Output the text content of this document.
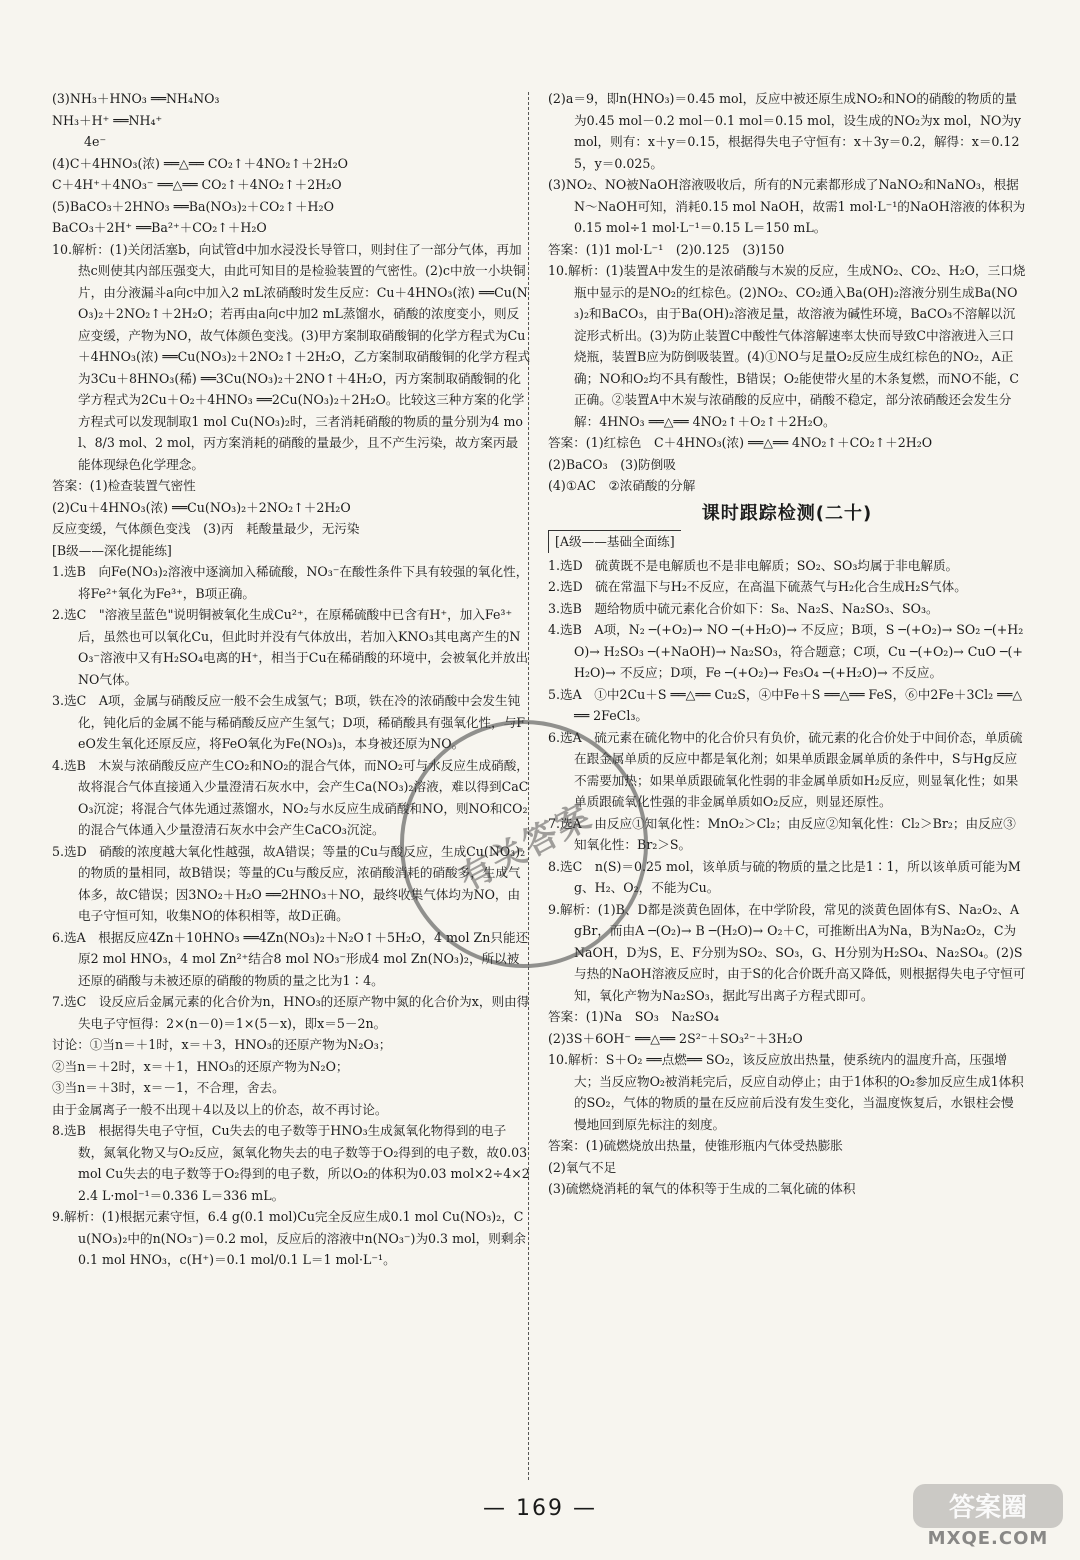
(3)NH₃＋HNO₃ ══NH₄NO₃

NH₃＋H⁺ ══NH₄⁺

4e⁻

(4)C＋4HNO₃(浓) ══△══ CO₂↑＋4NO₂↑＋2H₂O

C＋4H⁺＋4NO₃⁻ ══△══ CO₂↑＋4NO₂↑＋2H₂O

(5)BaCO₃＋2HNO₃ ══Ba(NO₃)₂＋CO₂↑＋H₂O

BaCO₃＋2H⁺ ══Ba²⁺＋CO₂↑＋H₂O

10.解析：(1)关闭活塞b，向试管d中加水浸没长导管口，则封住了一部分气体，再加热c则使其内部压强变大，由此可知目的是检验装置的气密性。(2)c中放一小块铜片，由分液漏斗a向c中加入2 mL浓硝酸时发生反应：Cu＋4HNO₃(浓) ══Cu(NO₃)₂＋2NO₂↑＋2H₂O；若再由a向c中加2 mL蒸馏水，硝酸的浓度变小，则反应变缓，产物为NO，故气体颜色变浅。(3)甲方案制取硝酸铜的化学方程式为Cu＋4HNO₃(浓) ══Cu(NO₃)₂＋2NO₂↑＋2H₂O，乙方案制取硝酸铜的化学方程式为3Cu＋8HNO₃(稀) ══3Cu(NO₃)₂＋2NO↑＋4H₂O，丙方案制取硝酸铜的化学方程式为2Cu＋O₂＋4HNO₃ ══2Cu(NO₃)₂＋2H₂O。比较这三种方案的化学方程式可以发现制取1 mol Cu(NO₃)₂时，三者消耗硝酸的物质的量分别为4 mol、8/3 mol、2 mol，丙方案消耗的硝酸的量最少，且不产生污染，故方案丙最能体现绿色化学理念。

答案：(1)检查装置气密性

(2)Cu＋4HNO₃(浓) ══Cu(NO₃)₂＋2NO₂↑＋2H₂O

反应变缓，气体颜色变浅　(3)丙　耗酸量最少，无污染

[B级——深化提能练]

1.选B　向Fe(NO₃)₂溶液中逐滴加入稀硫酸，NO₃⁻在酸性条件下具有较强的氧化性，将Fe²⁺氧化为Fe³⁺，B项正确。

2.选C　"溶液呈蓝色"说明铜被氧化生成Cu²⁺，在原稀硫酸中已含有H⁺，加入Fe³⁺后，虽然也可以氧化Cu，但此时并没有气体放出，若加入KNO₃其电离产生的NO₃⁻溶液中又有H₂SO₄电离的H⁺，相当于Cu在稀硝酸的环境中，会被氧化并放出NO气体。

3.选C　A项，金属与硝酸反应一般不会生成氢气；B项，铁在冷的浓硝酸中会发生钝化，钝化后的金属不能与稀硝酸反应产生氢气；D项，稀硝酸具有强氧化性，与FeO发生氧化还原反应，将FeO氧化为Fe(NO₃)₃，本身被还原为NO。

4.选B　木炭与浓硝酸反应产生CO₂和NO₂的混合气体，而NO₂可与水反应生成硝酸，故将混合气体直接通入少量澄清石灰水中，会产生Ca(NO₃)₂溶液，难以得到CaCO₃沉淀；将混合气体先通过蒸馏水，NO₂与水反应生成硝酸和NO，则NO和CO₂的混合气体通入少量澄清石灰水中会产生CaCO₃沉淀。

5.选D　硝酸的浓度越大氧化性越强，故A错误；等量的Cu与酸反应，生成Cu(NO₃)₂的物质的量相同，故B错误；等量的Cu与酸反应，浓硝酸消耗的硝酸多，生成气体多，故C错误；因3NO₂＋H₂O ══2HNO₃＋NO，最终收集气体均为NO，由电子守恒可知，收集NO的体积相等，故D正确。

6.选A　根据反应4Zn＋10HNO₃ ══4Zn(NO₃)₂＋N₂O↑＋5H₂O，4 mol Zn只能还原2 mol HNO₃，4 mol Zn²⁺结合8 mol NO₃⁻形成4 mol Zn(NO₃)₂，所以被还原的硝酸与未被还原的硝酸的物质的量之比为1∶4。

7.选C　设反应后金属元素的化合价为n，HNO₃的还原产物中氮的化合价为x，则由得失电子守恒得：2×(n－0)＝1×(5－x)，即x＝5－2n。

讨论：①当n＝＋1时，x＝＋3，HNO₃的还原产物为N₂O₃；

②当n＝＋2时，x＝＋1，HNO₃的还原产物为N₂O；

③当n＝＋3时，x＝－1，不合理，舍去。

由于金属离子一般不出现＋4以及以上的价态，故不再讨论。

8.选B　根据得失电子守恒，Cu失去的电子数等于HNO₃生成氮氧化物得到的电子数，氮氧化物又与O₂反应，氮氧化物失去的电子数等于O₂得到的电子数，故0.03 mol Cu失去的电子数等于O₂得到的电子数，所以O₂的体积为0.03 mol×2÷4×22.4 L·mol⁻¹＝0.336 L＝336 mL。

9.解析：(1)根据元素守恒，6.4 g(0.1 mol)Cu完全反应生成0.1 mol Cu(NO₃)₂，Cu(NO₃)₂中的n(NO₃⁻)＝0.2 mol，反应后的溶液中n(NO₃⁻)为0.3 mol，则剩余0.1 mol HNO₃，c(H⁺)＝0.1 mol/0.1 L＝1 mol·L⁻¹。

(2)a＝9，即n(HNO₃)＝0.45 mol，反应中被还原生成NO₂和NO的硝酸的物质的量为0.45 mol－0.2 mol－0.1 mol＝0.15 mol，设生成的NO₂为x mol，NO为y mol，则有：x＋y＝0.15，根据得失电子守恒有：x＋3y＝0.2，解得：x＝0.125，y＝0.025。

(3)NO₂、NO被NaOH溶液吸收后，所有的N元素都形成了NaNO₂和NaNO₃，根据N～NaOH可知，消耗0.15 mol NaOH，故需1 mol·L⁻¹的NaOH溶液的体积为0.15 mol÷1 mol·L⁻¹＝0.15 L＝150 mL。

答案：(1)1 mol·L⁻¹　(2)0.125　(3)150

10.解析：(1)装置A中发生的是浓硝酸与木炭的反应，生成NO₂、CO₂、H₂O，三口烧瓶中显示的是NO₂的红棕色。(2)NO₂、CO₂通入Ba(OH)₂溶液分别生成Ba(NO₃)₂和BaCO₃，由于Ba(OH)₂溶液足量，故溶液为碱性环境，BaCO₃不溶解以沉淀形式析出。(3)为防止装置C中酸性气体溶解速率太快而导致C中溶液进入三口烧瓶，装置B应为防倒吸装置。(4)①NO与足量O₂反应生成红棕色的NO₂，A正确；NO和O₂均不具有酸性，B错误；O₂能使带火星的木条复燃，而NO不能，C正确。②装置A中木炭与浓硝酸的反应中，硝酸不稳定，部分浓硝酸还会发生分解：4HNO₃ ══△══ 4NO₂↑＋O₂↑＋2H₂O。

答案：(1)红棕色　C＋4HNO₃(浓) ══△══ 4NO₂↑＋CO₂↑＋2H₂O

(2)BaCO₃　(3)防倒吸

(4)①AC　②浓硝酸的分解

课时跟踪检测(二十)
[A级——基础全面练]

1.选D　硫黄既不是电解质也不是非电解质；SO₂、SO₃均属于非电解质。

2.选D　硫在常温下与H₂不反应，在高温下硫蒸气与H₂化合生成H₂S气体。

3.选B　题给物质中硫元素化合价如下：S₈、Na₂S、Na₂SO₃、SO₃。

4.选B　A项，N₂ ─(+O₂)→ NO ─(+H₂O)→ 不反应；B项，S ─(+O₂)→ SO₂ ─(+H₂O)→ H₂SO₃ ─(+NaOH)→ Na₂SO₃，符合题意；C项，Cu ─(+O₂)→ CuO ─(+H₂O)→ 不反应；D项，Fe ─(+O₂)→ Fe₃O₄ ─(+H₂O)→ 不反应。

5.选A　①中2Cu＋S ══△══ Cu₂S，④中Fe＋S ══△══ FeS，⑥中2Fe＋3Cl₂ ══△══ 2FeCl₃。

6.选A　硫元素在硫化物中的化合价只有负价，硫元素的化合价处于中间价态，单质硫在跟金属单质的反应中都是氧化剂；如果单质跟金属单质的条件中，S与Hg反应不需要加热；如果单质跟硫氧化性弱的非金属单质如H₂反应，则显氧化性；如果单质跟硫氧化性强的非金属单质如O₂反应，则显还原性。

7.选A　由反应①知氧化性：MnO₂＞Cl₂；由反应②知氧化性：Cl₂＞Br₂；由反应③知氧化性：Br₂＞S。

8.选C　n(S)＝0.25 mol，该单质与硫的物质的量之比是1∶1，所以该单质可能为Mg、H₂、O₂，不能为Cu。

9.解析：(1)B、D都是淡黄色固体，在中学阶段，常见的淡黄色固体有S、Na₂O₂、AgBr，而由A ─(O₂)→ B ─(H₂O)→ O₂＋C，可推断出A为Na，B为Na₂O₂，C为NaOH，D为S，E、F分别为SO₂、SO₃，G、H分别为H₂SO₄、Na₂SO₄。(2)S与热的NaOH溶液反应时，由于S的化合价既升高又降低，则根据得失电子守恒可知，氧化产物为Na₂SO₃，据此写出离子方程式即可。

答案：(1)Na　SO₃　Na₂SO₄

(2)3S＋6OH⁻ ══△══ 2S²⁻＋SO₃²⁻＋3H₂O

10.解析：S＋O₂ ══点燃══ SO₂，该反应放出热量，使系统内的温度升高，压强增大；当反应物O₂被消耗完后，反应自动停止；由于1体积的O₂参加反应生成1体积的SO₂，气体的物质的量在反应前后没有发生变化，当温度恢复后，水银柱会慢慢地回到原先标注的刻度。

答案：(1)硫燃烧放出热量，使锥形瓶内气体受热膨胀

(2)氧气不足

(3)硫燃烧消耗的氧气的体积等于生成的二氧化硫的体积

— 169 —
有关答案
答案圈
MXQE.COM
